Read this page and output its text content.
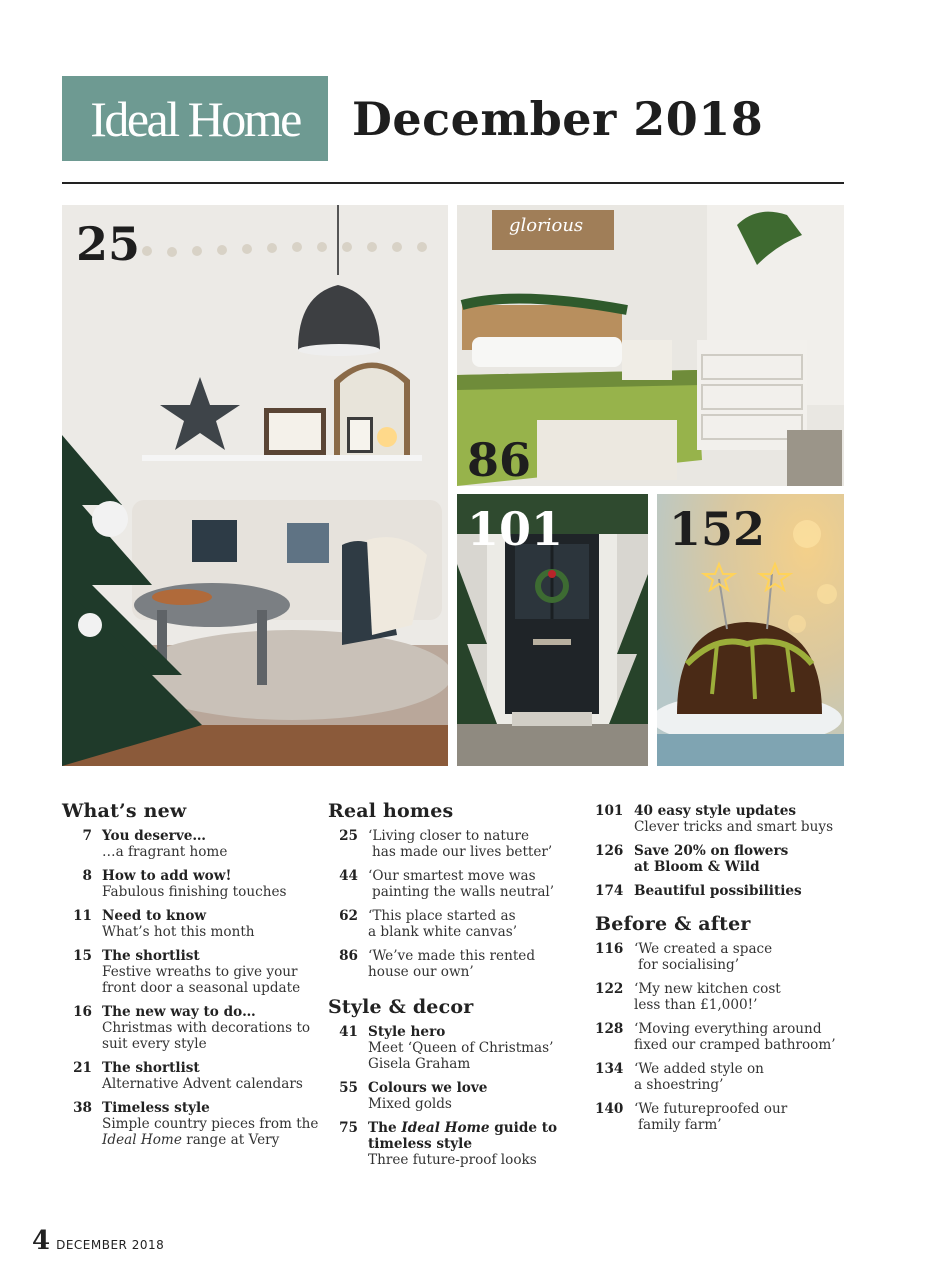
Ideal Home December 2018
25
86
glorious
101 152
What’s new
7 You deserve…
…a fragrant home
8 How to add wow!
Fabulous finishing touches
11 Need to know
What’s hot this month
15 The shortlist
Festive wreaths to give your front door a seasonal update
16 The new way to do…
Christmas with decorations to suit every style
21 The shortlist
Alternative Advent calendars
38 Timeless style
Simple country pieces from the Ideal Home range at Very
Real homes
25 ‘Living closer to nature
has made our lives better’
44 ‘Our smartest move was
painting the walls neutral’
62 ‘This place started as
a blank white canvas’
86 ‘We’ve made this rented
house our own’
Style & decor
41 Style hero
Meet ‘Queen of Christmas’ Gisela Graham
55 Colours we love
Mixed golds
75 The Ideal Home guide to timeless style
Three future-proof looks
101 40 easy style updates
Clever tricks and smart buys
126 Save 20% on flowers at Bloom & Wild
174 Beautiful possibilities
Before & after
116 ‘We created a space
for socialising’
122 ‘My new kitchen cost
less than £1,000!’
128 ‘Moving everything around
fixed our cramped bathroom’
134 ‘We added style on
a shoestring’
140 ‘We futureproofed our
family farm’
4 DECEMBER 2018
